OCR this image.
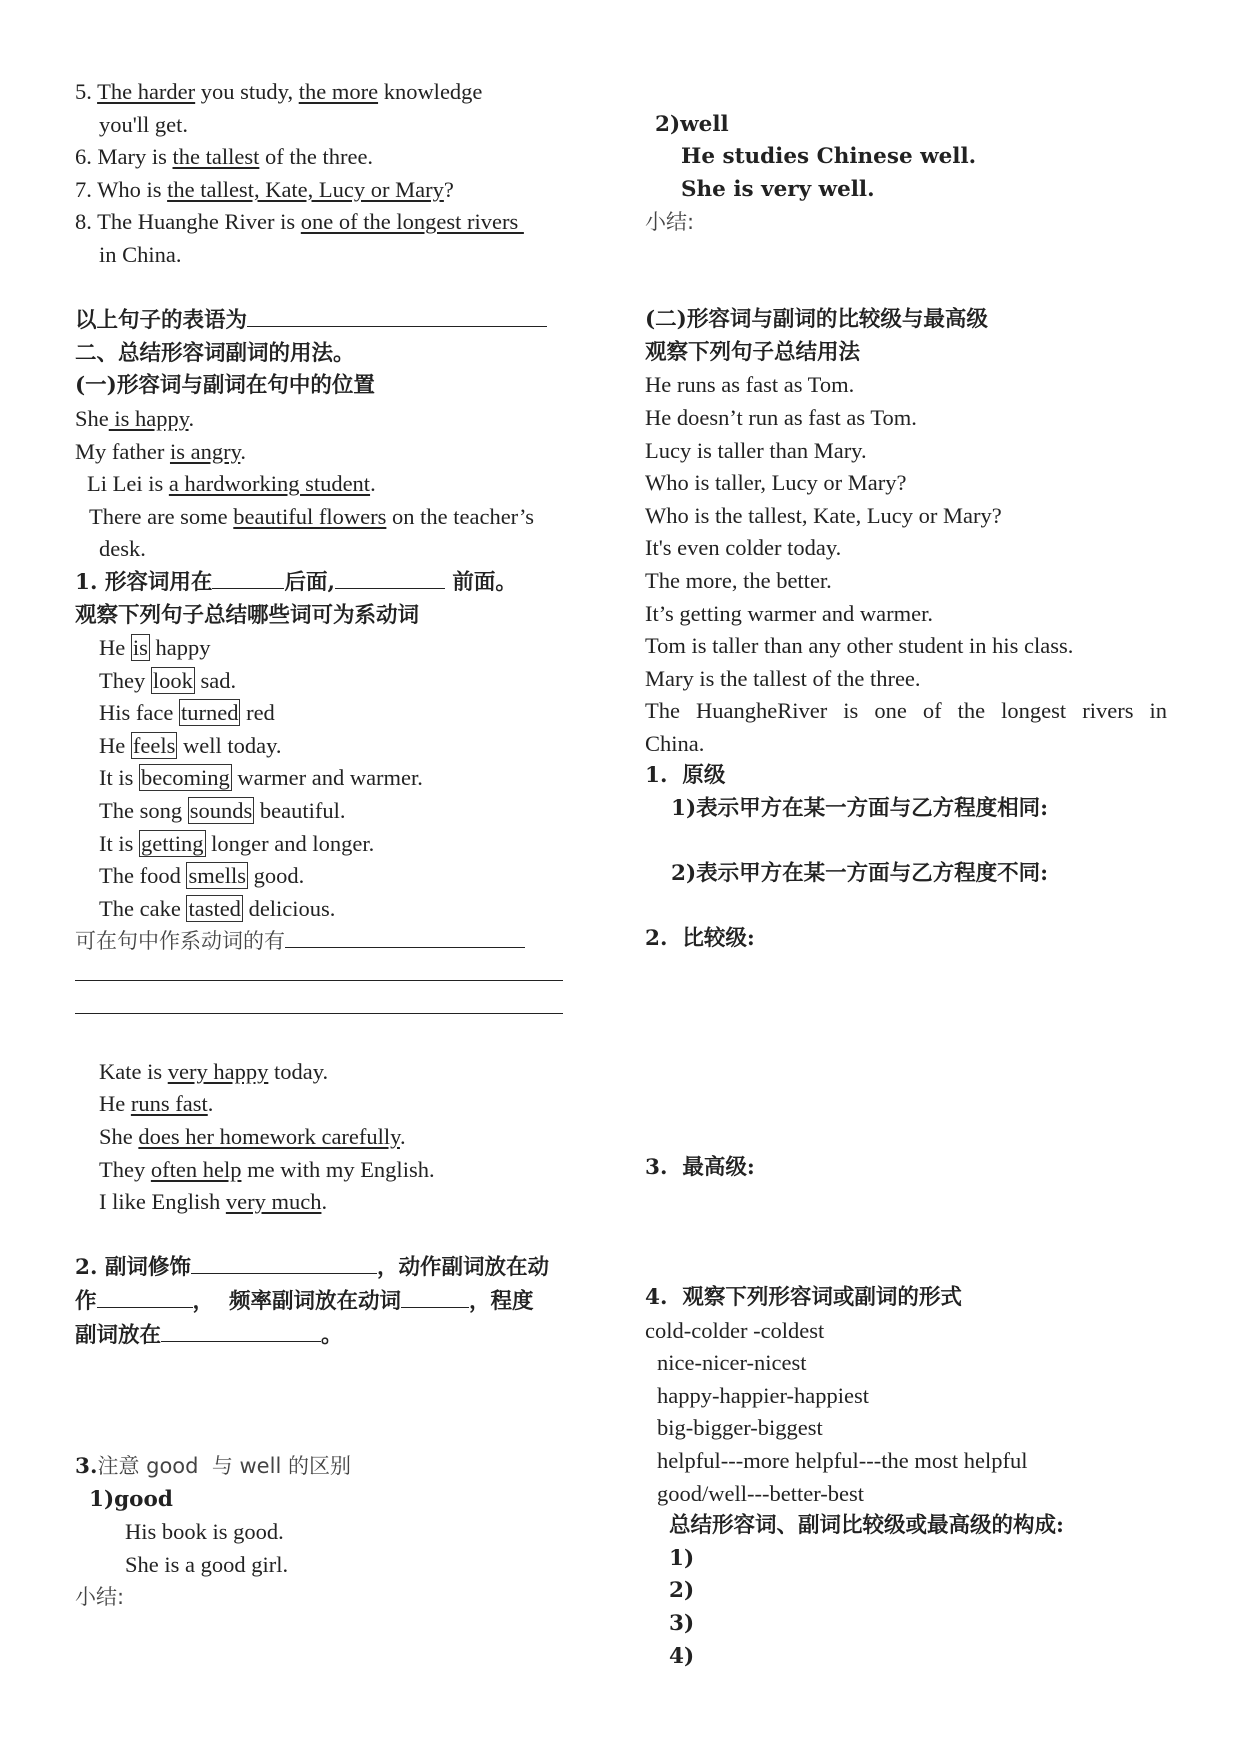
5. The harder you study, the more knowledge
you'll get.
6. Mary is the tallest of the three.
7. Who is the tallest, Kate, Lucy or Mary?
8. The Huanghe River is one of the longest rivers
in China.
以上句子的表语为
二、总结形容词副词的用法。
(一)形容词与副词在句中的位置
She is happy.
My father is angry.
Li Lei is a hardworking student.
There are some beautiful flowers on the teacher’s
desk.
1. 形容词用在	后面,	前面。
观察下列句子总结哪些词可为系动词
He is happy
They look sad.
His face turned red
He feels well today.
It is becoming warmer and warmer.
The song sounds beautiful.
It is getting longer and longer.
The food smells good.
The cake tasted delicious.
可在句中作系动词的有
Kate is very happy today.
He runs fast.
She does her homework carefully.
They often help me with my English.
I like English very much.
2. 副词修饰	，动作副词放在动
作	，  频率副词放在动词	，程度
副词放在	。
3.注意 good  与 well 的区别
1)good
His book is good.
She is a good girl.
小结:
2)well
He studies Chinese well.
She is very well.
小结:
(二)形容词与副词的比较级与最高级
观察下列句子总结用法
He runs as fast as Tom.
He doesn’t run as fast as Tom.
Lucy is taller than Mary.
Who is taller, Lucy or Mary?
Who is the tallest, Kate, Lucy or Mary?
It's even colder today.
The more, the better.
It’s getting warmer and warmer.
Tom is taller than any other student in his class.
Mary is the tallest of the three.
The HuangheRiver is one of the longest rivers in
China.
1.  原级
1)表示甲方在某一方面与乙方程度相同:
2)表示甲方在某一方面与乙方程度不同:
2.  比较级:
3.  最高级:
4.  观察下列形容词或副词的形式
cold-colder -coldest
nice-nicer-nicest
happy-happier-happiest
big-bigger-biggest
helpful---more helpful---the most helpful
good/well---better-best
总结形容词、副词比较级或最高级的构成:
1)
2)
3)
4)
